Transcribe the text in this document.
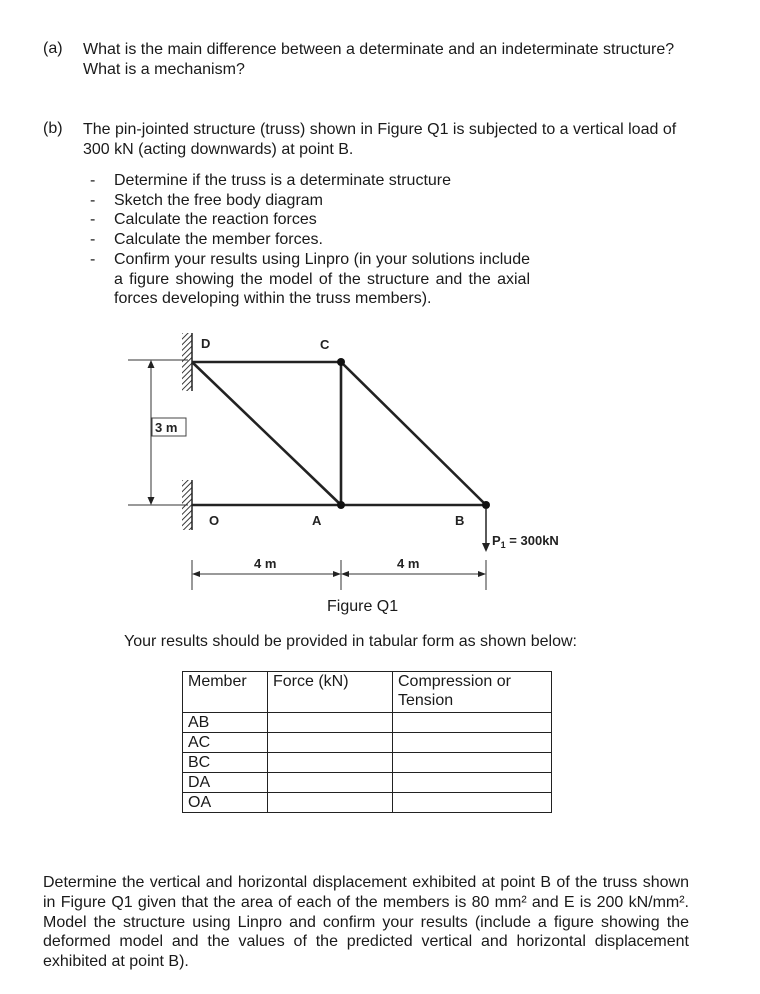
(a) What is the main difference between a determinate and an indeterminate structure? What is a mechanism?
(b) The pin-jointed structure (truss) shown in Figure Q1 is subjected to a vertical load of 300 kN (acting downwards) at point B.
- Determine if the truss is a determinate structure
- Sketch the free body diagram
- Calculate the reaction forces
- Calculate the member forces.
- Confirm your results using Linpro (in your solutions include a figure showing the model of the structure and the axial forces developing within the truss members).
D	C
O	A	B
3 m
4 m	4 m
$P_1 = 300kN$
Figure Q1
Your results should be provided in tabular form as shown below:
Member	Force (kN)	Compression or Tension
AB		
AC		
BC		
DA		
OA		
Determine the vertical and horizontal displacement exhibited at point B of the truss shown in Figure Q1 given that the area of each of the members is 80 mm² and E is 200 kN/mm². Model the structure using Linpro and confirm your results (include a figure showing the deformed model and the values of the predicted vertical and horizontal displacement exhibited at point B).
